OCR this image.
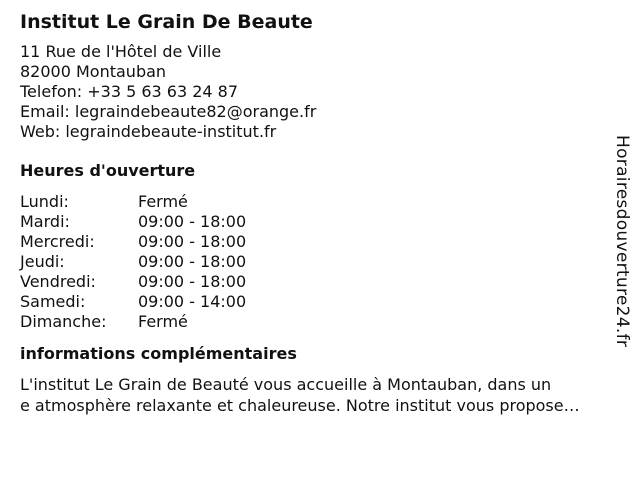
Institut Le Grain De Beaute
11 Rue de l'Hôtel de Ville
82000 Montauban
Telefon: +33 5 63 63 24 87
Email: legraindebeaute82@orange.fr
Web: legraindebeaute-institut.fr
Heures d'ouverture
Lundi:	Fermé
Mardi:	09:00 - 18:00
Mercredi:	09:00 - 18:00
Jeudi:	09:00 - 18:00
Vendredi:	09:00 - 18:00
Samedi:	09:00 - 14:00
Dimanche:	Fermé
informations complémentaires
L'institut Le Grain de Beauté vous accueille à Montauban, dans un
e atmosphère relaxante et chaleureuse. Notre institut vous propose…
Horairesdouverture24.fr
